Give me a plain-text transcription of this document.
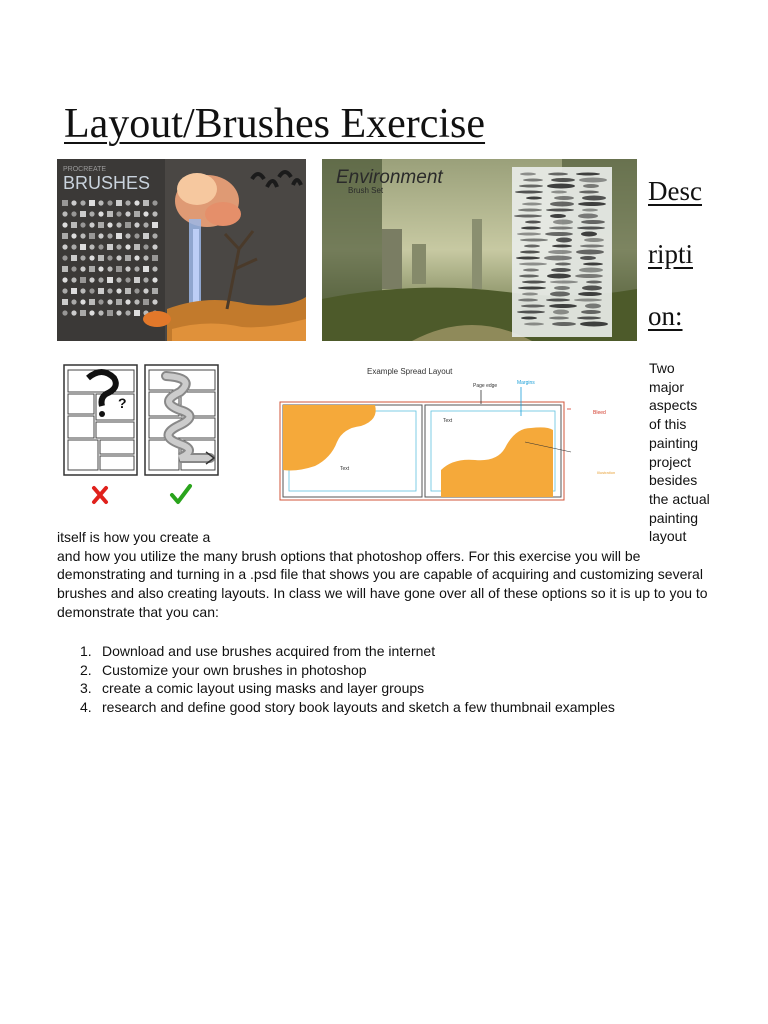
Layout/Brushes Exercise
PROCREATE
BRUSHES	Environment
Brush Set
?
Example Spread Layout
Page edge	Margins
Bleed
Illustration
Text
Text
Desc
ripti
on:
Two
major
aspects
of this
painting
project
besides
the actual
painting
layout
itself is how you create a
and how you utilize the many brush options that photoshop offers. For this exercise you will be
demonstrating and turning in a .psd file that shows you are capable of acquiring and customizing several
brushes and also creating layouts. In class we will have gone over all of these options so it is up to you to
demonstrate that you can:
1. Download and use brushes acquired from the internet
2. Customize your own brushes in photoshop
3. create a comic layout using masks and layer groups
4. research and define good story book layouts and sketch a few thumbnail examples
